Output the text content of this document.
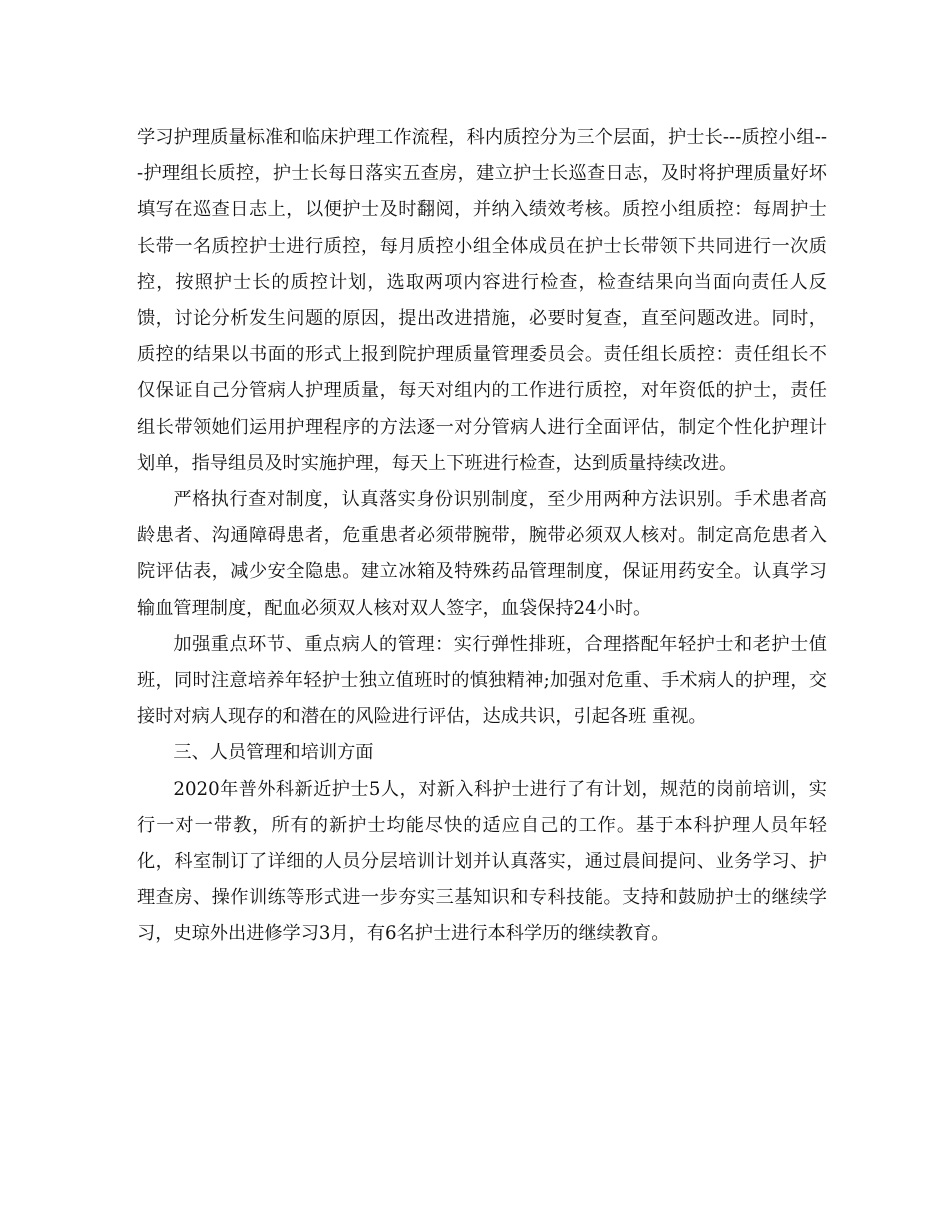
学习护理质量标准和临床护理工作流程，科内质控分为三个层面，护士长---质控小组---护理组长质控，护士长每日落实五查房，建立护士长巡查日志，及时将护理质量好坏填写在巡查日志上，以便护士及时翻阅，并纳入绩效考核。质控小组质控：每周护士长带一名质控护士进行质控，每月质控小组全体成员在护士长带领下共同进行一次质控，按照护士长的质控计划，选取两项内容进行检查，检查结果向当面向责任人反馈，讨论分析发生问题的原因，提出改进措施，必要时复查，直至问题改进。同时，质控的结果以书面的形式上报到院护理质量管理委员会。责任组长质控：责任组长不仅保证自己分管病人护理质量，每天对组内的工作进行质控，对年资低的护士，责任组长带领她们运用护理程序的方法逐一对分管病人进行全面评估，制定个性化护理计划单，指导组员及时实施护理，每天上下班进行检查，达到质量持续改进。

严格执行查对制度，认真落实身份识别制度，至少用两种方法识别。手术患者高龄患者、沟通障碍患者，危重患者必须带腕带，腕带必须双人核对。制定高危患者入院评估表，减少安全隐患。建立冰箱及特殊药品管理制度，保证用药安全。认真学习输血管理制度，配血必须双人核对双人签字，血袋保持24小时。

加强重点环节、重点病人的管理：实行弹性排班，合理搭配年轻护士和老护士值班，同时注意培养年轻护士独立值班时的慎独精神;加强对危重、手术病人的护理，交接时对病人现存的和潜在的风险进行评估，达成共识，引起各班 重视。

三、人员管理和培训方面

2020年普外科新近护士5人，对新入科护士进行了有计划，规范的岗前培训，实行一对一带教，所有的新护士均能尽快的适应自己的工作。基于本科护理人员年轻化，科室制订了详细的人员分层培训计划并认真落实，通过晨间提问、业务学习、护理查房、操作训练等形式进一步夯实三基知识和专科技能。支持和鼓励护士的继续学习，史琼外出进修学习3月，有6名护士进行本科学历的继续教育。
